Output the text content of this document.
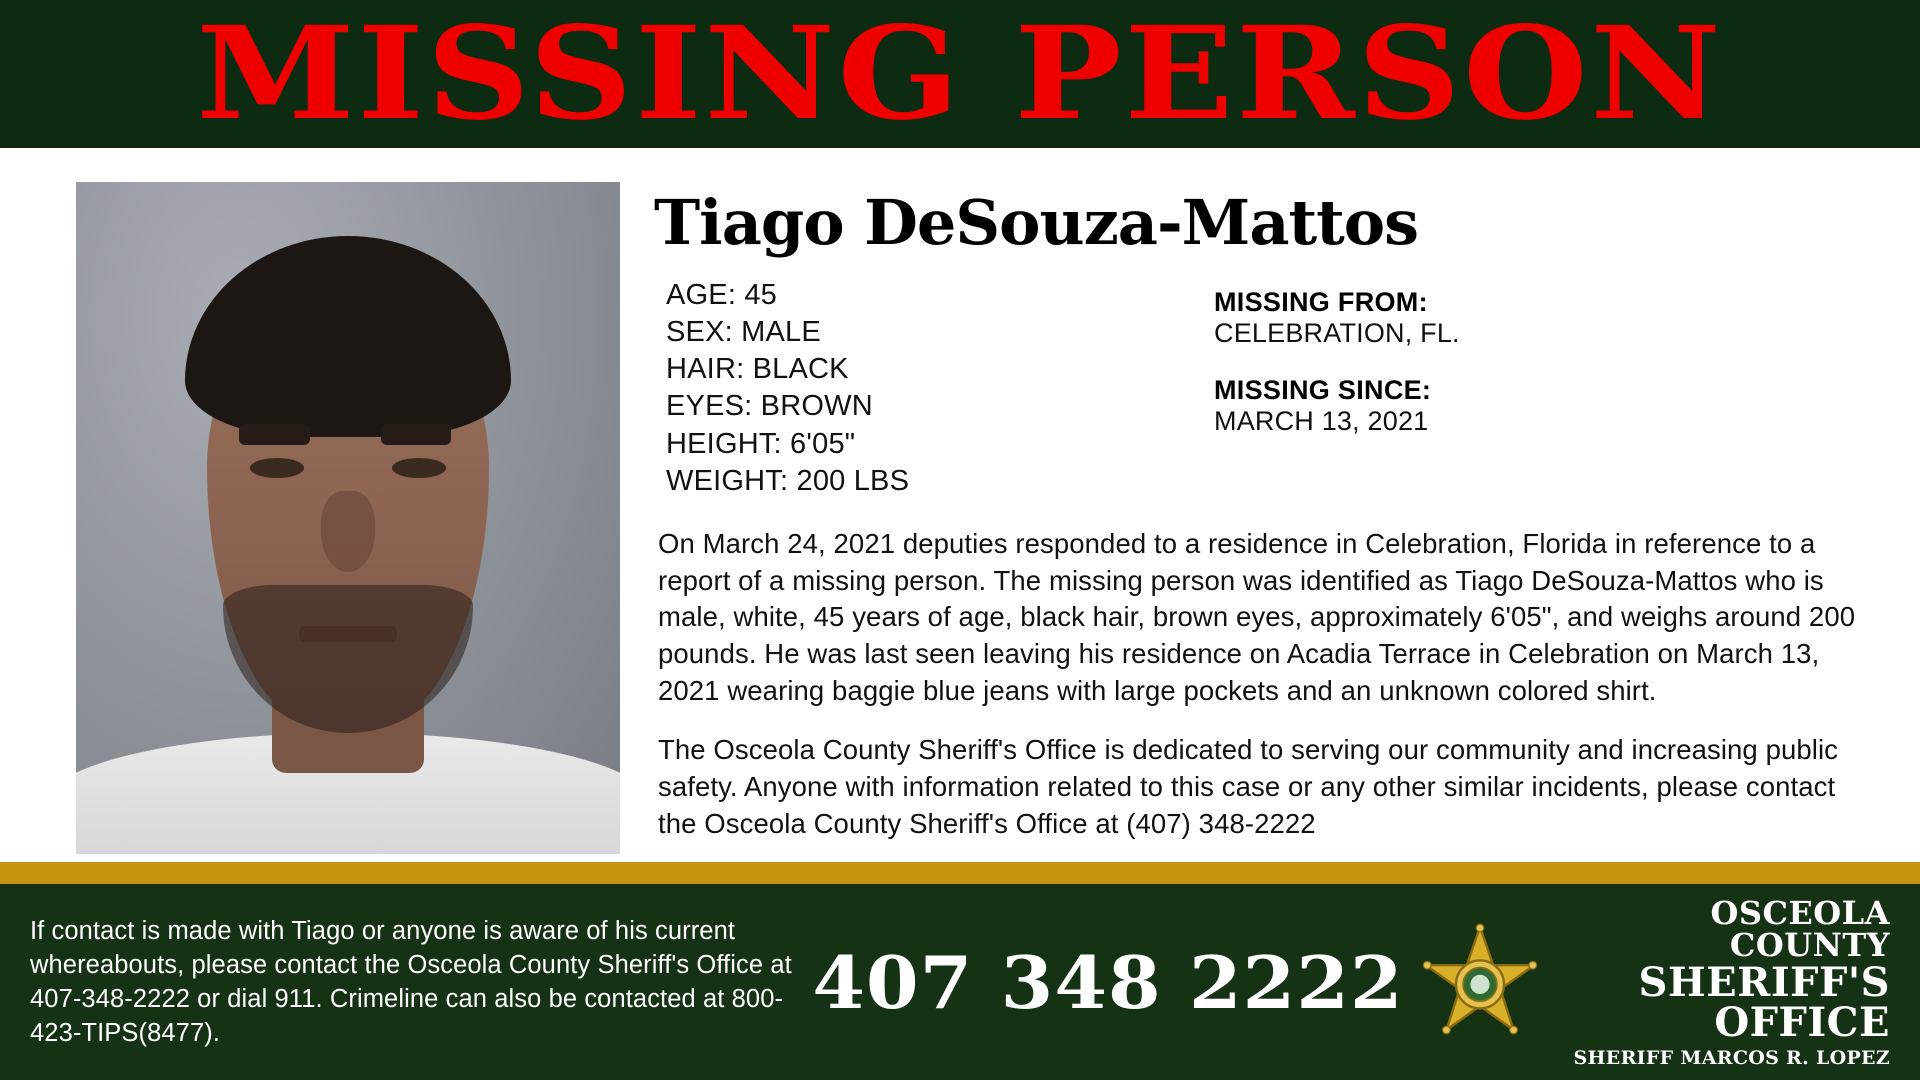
MISSING PERSON
Tiago DeSouza-Mattos
AGE: 45
SEX: MALE
HAIR: BLACK
EYES: BROWN
HEIGHT: 6'05"
WEIGHT: 200 LBS
MISSING FROM:
CELEBRATION, FL.
MISSING SINCE:
MARCH 13, 2021

On March 24, 2021 deputies responded to a residence in Celebration, Florida in reference to a report of a missing person. The missing person was identified as Tiago DeSouza-Mattos who is male, white, 45 years of age, black hair, brown eyes, approximately 6'05", and weighs around 200 pounds. He was last seen leaving his residence on Acadia Terrace in Celebration on March 13, 2021 wearing baggie blue jeans with large pockets and an unknown colored shirt.

The Osceola County Sheriff's Office is dedicated to serving our community and increasing public safety. Anyone with information related to this case or any other similar incidents, please contact the Osceola County Sheriff's Office at (407) 348-2222

If contact is made with Tiago or anyone is aware of his current whereabouts, please contact the Osceola County Sheriff's Office at 407-348-2222 or dial 911. Crimeline can also be contacted at 800-423-TIPS(8477).
407 348 2222
OSCEOLA COUNTY
SHERIFF'S OFFICE
SHERIFF MARCOS R. LOPEZ
